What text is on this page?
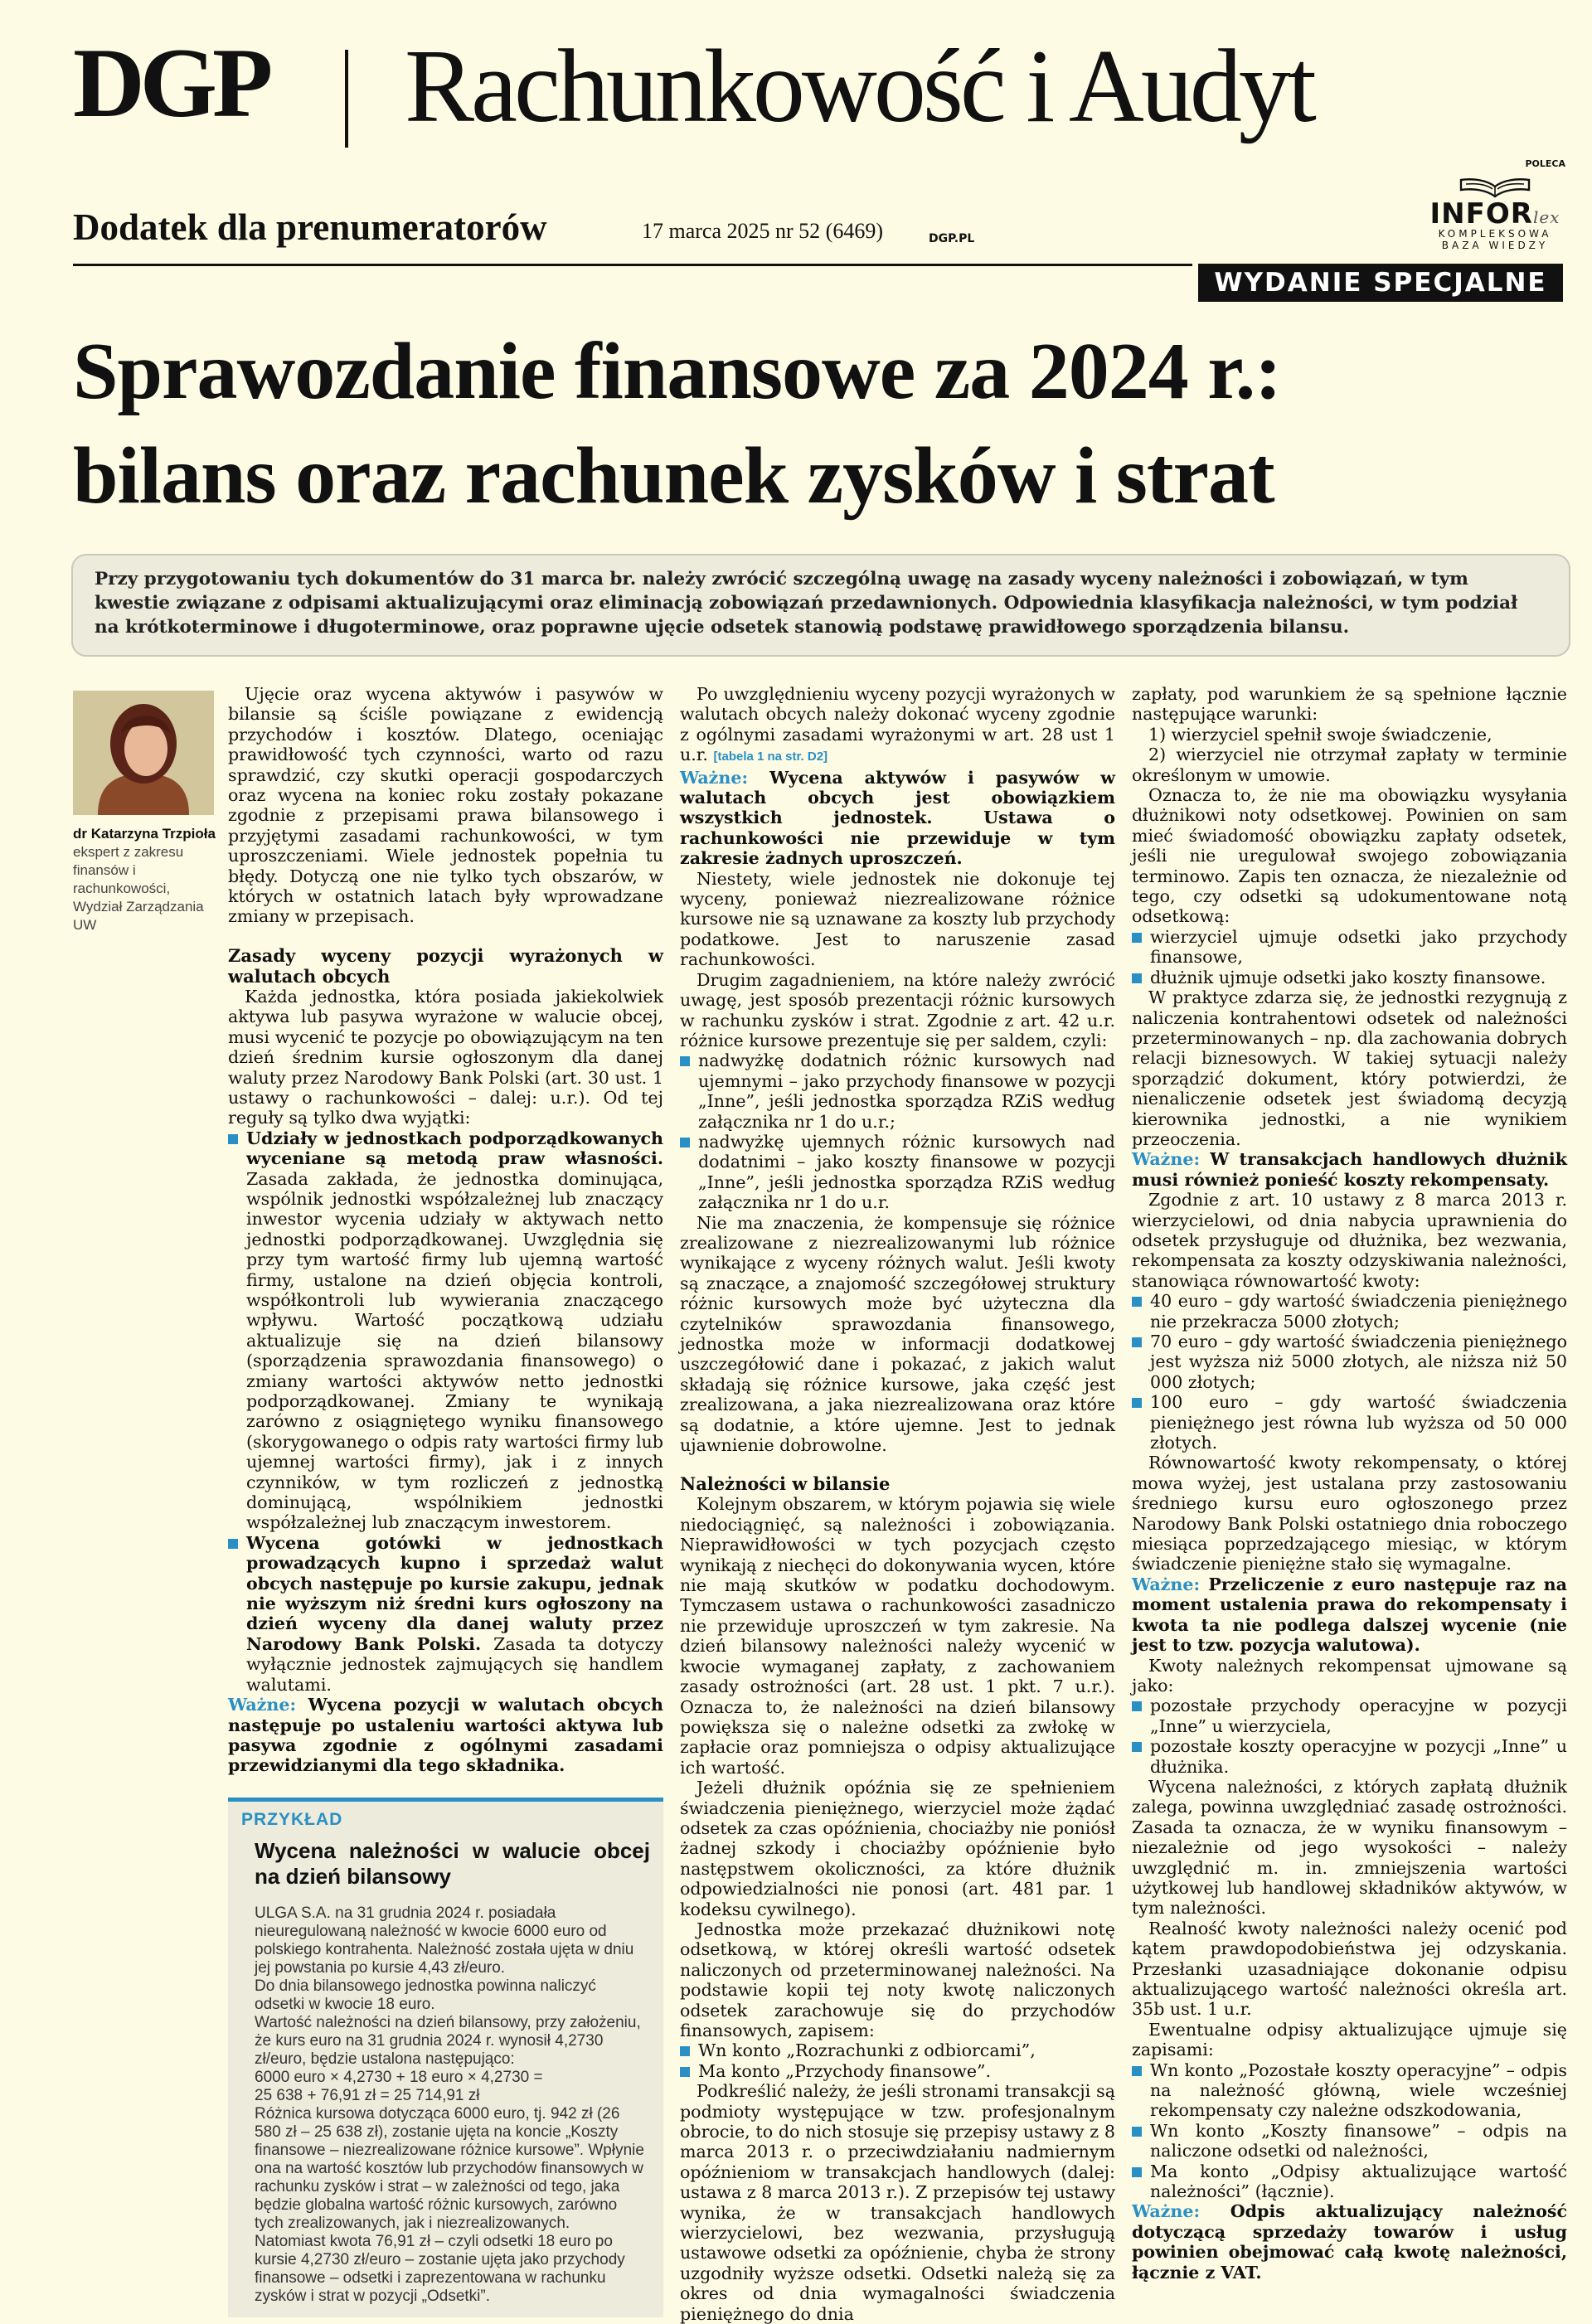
DGP Rachunkowość i Audyt
Dodatek dla prenumeratorów	17 marca 2025 nr 52 (6469)	DGP.PL
POLECA
INFORlex
KOMPLEKSOWA
BAZA WIEDZY
WYDANIE SPECJALNE
Sprawozdanie finansowe za 2024 r.:
bilans oraz rachunek zysków i strat
Przy przygotowaniu tych dokumentów do 31 marca br. należy zwrócić szczególną uwagę na zasady wyceny należności i zobowiązań, w tym kwestie związane z odpisami aktualizującymi oraz eliminacją zobowiązań przedawnionych. Odpowiednia klasyfikacja należności, w tym podział na krótkoterminowe i długoterminowe, oraz poprawne ujęcie odsetek stanowią podstawę prawidłowego sporządzenia bilansu.
dr Katarzyna Trzpioła
ekspert z zakresu finansów i rachunkowości, Wydział Zarządzania UW

Ujęcie oraz wycena aktywów i pasywów w bilansie są ściśle powiązane z ewidencją przychodów i kosztów. Dlatego, oceniając prawidłowość tych czynności, warto od razu sprawdzić, czy skutki operacji gospodarczych oraz wycena na koniec roku zostały pokazane zgodnie z przepisami prawa bilansowego i przyjętymi zasadami rachunkowości, w tym uproszczeniami. Wiele jednostek popełnia tu błędy. Dotyczą one nie tylko tych obszarów, w których w ostatnich latach były wprowadzane zmiany w przepisach.

Zasady wyceny pozycji wyrażonych w walutach obcych

Każda jednostka, która posiada jakiekolwiek aktywa lub pasywa wyrażone w walucie obcej, musi wycenić te pozycje po obowiązującym na ten dzień średnim kursie ogłoszonym dla danej waluty przez Narodowy Bank Polski (art. 30 ust. 1 ustawy o rachunkowości – dalej: u.r.). Od tej reguły są tylko dwa wyjątki:

Udziały w jednostkach podporządkowanych wyceniane są metodą praw własności. Zasada zakłada, że jednostka dominująca, wspólnik jednostki współzależnej lub znaczący inwestor wycenia udziały w aktywach netto jednostki podporządkowanej. Uwzględnia się przy tym wartość firmy lub ujemną wartość firmy, ustalone na dzień objęcia kontroli, współkontroli lub wywierania znaczącego wpływu. Wartość początkową udziału aktualizuje się na dzień bilansowy (sporządzenia sprawozdania finansowego) o zmiany wartości aktywów netto jednostki podporządkowanej. Zmiany te wynikają zarówno z osiągniętego wyniku finansowego (skorygowanego o odpis raty wartości firmy lub ujemnej wartości firmy), jak i z innych czynników, w tym rozliczeń z jednostką dominującą, wspólnikiem jednostki współzależnej lub znaczącym inwestorem.
Wycena gotówki w jednostkach prowadzących kupno i sprzedaż walut obcych następuje po kursie zakupu, jednak nie wyższym niż średni kurs ogłoszony na dzień wyceny dla danej waluty przez Narodowy Bank Polski. Zasada ta dotyczy wyłącznie jednostek zajmujących się handlem walutami.

Ważne: Wycena pozycji w walutach obcych następuje po ustaleniu wartości aktywa lub pasywa zgodnie z ogólnymi zasadami przewidzianymi dla tego składnika.

PRZYKŁAD
Wycena należności w walucie obcej na dzień bilansowy

ULGA S.A. na 31 grudnia 2024 r. posiadała nieuregulowaną należność w kwocie 6000 euro od polskiego kontrahenta. Należność została ujęta w dniu jej powstania po kursie 4,43 zł/euro.

Do dnia bilansowego jednostka powinna naliczyć odsetki w kwocie 18 euro.

Wartość należności na dzień bilansowy, przy założeniu, że kurs euro na 31 grudnia 2024 r. wynosił 4,2730 zł/euro, będzie ustalona następująco:

6000 euro × 4,2730 + 18 euro × 4,2730 =

25 638 + 76,91 zł = 25 714,91 zł

Różnica kursowa dotycząca 6000 euro, tj. 942 zł (26 580 zł – 25 638 zł), zostanie ujęta na koncie „Koszty finansowe – niezrealizowane różnice kursowe”. Wpłynie ona na wartość kosztów lub przychodów finansowych w rachunku zysków i strat – w zależności od tego, jaka będzie globalna wartość różnic kursowych, zarówno tych zrealizowanych, jak i niezrealizowanych.

Natomiast kwota 76,91 zł – czyli odsetki 18 euro po kursie 4,2730 zł/euro – zostanie ujęta jako przychody finansowe – odsetki i zaprezentowana w rachunku zysków i strat w pozycji „Odsetki”.

Po uwzględnieniu wyceny pozycji wyrażonych w walutach obcych należy dokonać wyceny zgodnie z ogólnymi zasadami wyrażonymi w art. 28 ust 1 u.r. [tabela 1 na str. D2]

Ważne: Wycena aktywów i pasywów w walutach obcych jest obowiązkiem wszystkich jednostek. Ustawa o rachunkowości nie przewiduje w tym zakresie żadnych uproszczeń.

Niestety, wiele jednostek nie dokonuje tej wyceny, ponieważ niezrealizowane różnice kursowe nie są uznawane za koszty lub przychody podatkowe. Jest to naruszenie zasad rachunkowości.

Drugim zagadnieniem, na które należy zwrócić uwagę, jest sposób prezentacji różnic kursowych w rachunku zysków i strat. Zgodnie z art. 42 u.r. różnice kursowe prezentuje się per saldem, czyli:

nadwyżkę dodatnich różnic kursowych nad ujemnymi – jako przychody finansowe w pozycji „Inne”, jeśli jednostka sporządza RZiS według załącznika nr 1 do u.r.;
nadwyżkę ujemnych różnic kursowych nad dodatnimi – jako koszty finansowe w pozycji „Inne”, jeśli jednostka sporządza RZiS według załącznika nr 1 do u.r.

Nie ma znaczenia, że kompensuje się różnice zrealizowane z niezrealizowanymi lub różnice wynikające z wyceny różnych walut. Jeśli kwoty są znaczące, a znajomość szczegółowej struktury różnic kursowych może być użyteczna dla czytelników sprawozdania finansowego, jednostka może w informacji dodatkowej uszczegółowić dane i pokazać, z jakich walut składają się różnice kursowe, jaka część jest zrealizowana, a jaka niezrealizowana oraz które są dodatnie, a które ujemne. Jest to jednak ujawnienie dobrowolne.

Należności w bilansie

Kolejnym obszarem, w którym pojawia się wiele niedociągnięć, są należności i zobowiązania. Nieprawidłowości w tych pozycjach często wynikają z niechęci do dokonywania wycen, które nie mają skutków w podatku dochodowym. Tymczasem ustawa o rachunkowości zasadniczo nie przewiduje uproszczeń w tym zakresie. Na dzień bilansowy należności należy wycenić w kwocie wymaganej zapłaty, z zachowaniem zasady ostrożności (art. 28 ust. 1 pkt. 7 u.r.). Oznacza to, że należności na dzień bilansowy powiększa się o należne odsetki za zwłokę w zapłacie oraz pomniejsza o odpisy aktualizujące ich wartość.

Jeżeli dłużnik opóźnia się ze spełnieniem świadczenia pieniężnego, wierzyciel może żądać odsetek za czas opóźnienia, chociażby nie poniósł żadnej szkody i chociażby opóźnienie było następstwem okoliczności, za które dłużnik odpowiedzialności nie ponosi (art. 481 par. 1 kodeksu cywilnego).

Jednostka może przekazać dłużnikowi notę odsetkową, w której określi wartość odsetek naliczonych od przeterminowanej należności. Na podstawie kopii tej noty kwotę naliczonych odsetek zarachowuje się do przychodów finansowych, zapisem:

Wn konto „Rozrachunki z odbiorcami”,
Ma konto „Przychody finansowe”.

Podkreślić należy, że jeśli stronami transakcji są podmioty występujące w tzw. profesjonalnym obrocie, to do nich stosuje się przepisy ustawy z 8 marca 2013 r. o przeciwdziałaniu nadmiernym opóźnieniom w transakcjach handlowych (dalej: ustawa z 8 marca 2013 r.). Z przepisów tej ustawy wynika, że w transakcjach handlowych wierzycielowi, bez wezwania, przysługują ustawowe odsetki za opóźnienie, chyba że strony uzgodniły wyższe odsetki. Odsetki należą się za okres od dnia wymagalności świadczenia pieniężnego do dnia

zapłaty, pod warunkiem że są spełnione łącznie następujące warunki:

1) wierzyciel spełnił swoje świadczenie,

2) wierzyciel nie otrzymał zapłaty w terminie określonym w umowie.

Oznacza to, że nie ma obowiązku wysyłania dłużnikowi noty odsetkowej. Powinien on sam mieć świadomość obowiązku zapłaty odsetek, jeśli nie uregulował swojego zobowiązania terminowo. Zapis ten oznacza, że niezależnie od tego, czy odsetki są udokumentowane notą odsetkową:

wierzyciel ujmuje odsetki jako przychody finansowe,
dłużnik ujmuje odsetki jako koszty finansowe.

W praktyce zdarza się, że jednostki rezygnują z naliczenia kontrahentowi odsetek od należności przeterminowanych – np. dla zachowania dobrych relacji biznesowych. W takiej sytuacji należy sporządzić dokument, który potwierdzi, że nienaliczenie odsetek jest świadomą decyzją kierownika jednostki, a nie wynikiem przeoczenia.

Ważne: W transakcjach handlowych dłużnik musi również ponieść koszty rekompensaty.

Zgodnie z art. 10 ustawy z 8 marca 2013 r. wierzycielowi, od dnia nabycia uprawnienia do odsetek przysługuje od dłużnika, bez wezwania, rekompensata za koszty odzyskiwania należności, stanowiąca równowartość kwoty:

40 euro – gdy wartość świadczenia pieniężnego nie przekracza 5000 złotych;
70 euro – gdy wartość świadczenia pieniężnego jest wyższa niż 5000 złotych, ale niższa niż 50 000 złotych;
100 euro – gdy wartość świadczenia pieniężnego jest równa lub wyższa od 50 000 złotych.

Równowartość kwoty rekompensaty, o której mowa wyżej, jest ustalana przy zastosowaniu średniego kursu euro ogłoszonego przez Narodowy Bank Polski ostatniego dnia roboczego miesiąca poprzedzającego miesiąc, w którym świadczenie pieniężne stało się wymagalne.

Ważne: Przeliczenie z euro następuje raz na moment ustalenia prawa do rekompensaty i kwota ta nie podlega dalszej wycenie (nie jest to tzw. pozycja walutowa).

Kwoty należnych rekompensat ujmowane są jako:

pozostałe przychody operacyjne w pozycji „Inne” u wierzyciela,
pozostałe koszty operacyjne w pozycji „Inne” u dłużnika.

Wycena należności, z których zapłatą dłużnik zalega, powinna uwzględniać zasadę ostrożności. Zasada ta oznacza, że w wyniku finansowym – niezależnie od jego wysokości – należy uwzględnić m. in. zmniejszenia wartości użytkowej lub handlowej składników aktywów, w tym należności.

Realność kwoty należności należy ocenić pod kątem prawdopodobieństwa jej odzyskania. Przesłanki uzasadniające dokonanie odpisu aktualizującego wartość należności określa art. 35b ust. 1 u.r.

Ewentualne odpisy aktualizujące ujmuje się zapisami:

Wn konto „Pozostałe koszty operacyjne” – odpis na należność główną, wiele wcześniej rekompensaty czy należne odszkodowania,
Wn konto „Koszty finansowe” – odpis na naliczone odsetki od należności,
Ma konto „Odpisy aktualizujące wartość należności” (łącznie).

Ważne: Odpis aktualizujący należność dotyczącą sprzedaży towarów i usług powinien obejmować całą kwotę należności, łącznie z VAT.
